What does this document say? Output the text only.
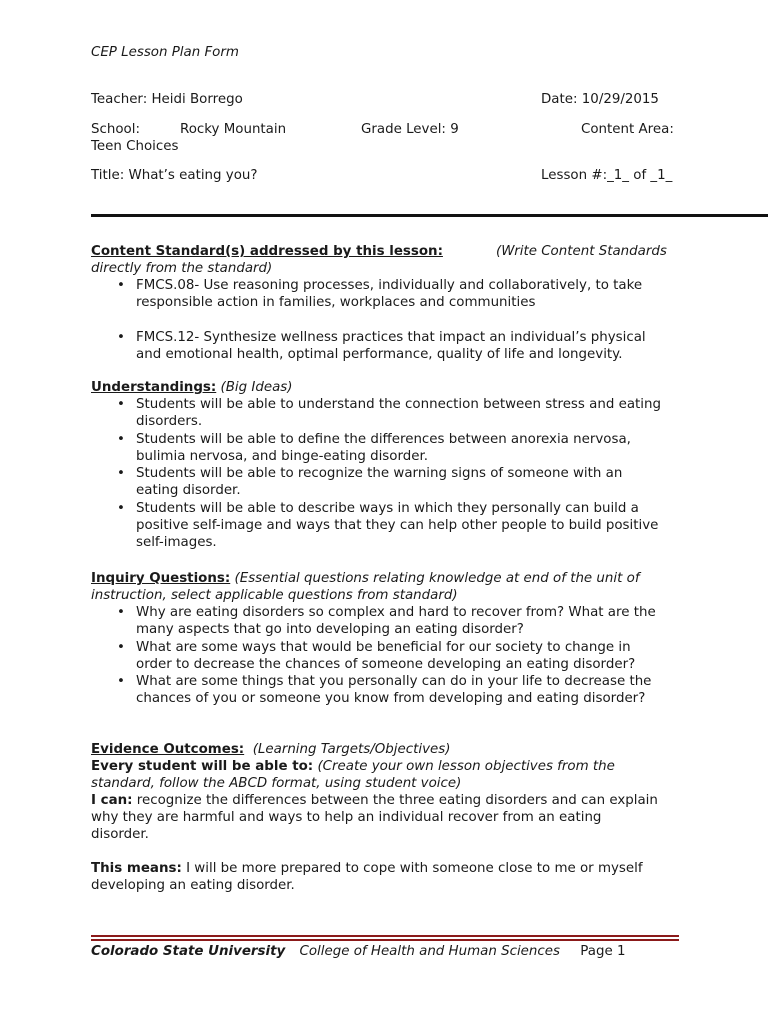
CEP Lesson Plan Form
Teacher: Heidi Borrego	Date: 10/29/2015
School:	Rocky Mountain	Grade Level: 9	Content Area:
Teen Choices
Title: What’s eating you?	Lesson #:_1_ of _1_
Content Standard(s) addressed by this lesson:	(Write Content Standards

directly from the standard)

• FMCS.08- Use reasoning processes, individually and collaboratively, to take
responsible action in families, workplaces and communities
• FMCS.12- Synthesize wellness practices that impact an individual’s physical
and emotional health, optimal performance, quality of life and longevity.

Understandings: (Big Ideas)

• Students will be able to understand the connection between stress and eating
disorders.
• Students will be able to define the differences between anorexia nervosa,
bulimia nervosa, and binge-eating disorder.
• Students will be able to recognize the warning signs of someone with an
eating disorder.
• Students will be able to describe ways in which they personally can build a
positive self-image and ways that they can help other people to build positive
self-images.

Inquiry Questions: (Essential questions relating knowledge at end of the unit of

instruction, select applicable questions from standard)

• Why are eating disorders so complex and hard to recover from? What are the
many aspects that go into developing an eating disorder?
• What are some ways that would be beneficial for our society to change in
order to decrease the chances of someone developing an eating disorder?
• What are some things that you personally can do in your life to decrease the
chances of you or someone you know from developing and eating disorder?

Evidence Outcomes: (Learning Targets/Objectives)

Every student will be able to: (Create your own lesson objectives from the

standard, follow the ABCD format, using student voice)

I can: recognize the differences between the three eating disorders and can explain

why they are harmful and ways to help an individual recover from an eating

disorder.

This means: I will be more prepared to cope with someone close to me or myself

developing an eating disorder.

Colorado State University College of Health and Human Sciences Page 1
